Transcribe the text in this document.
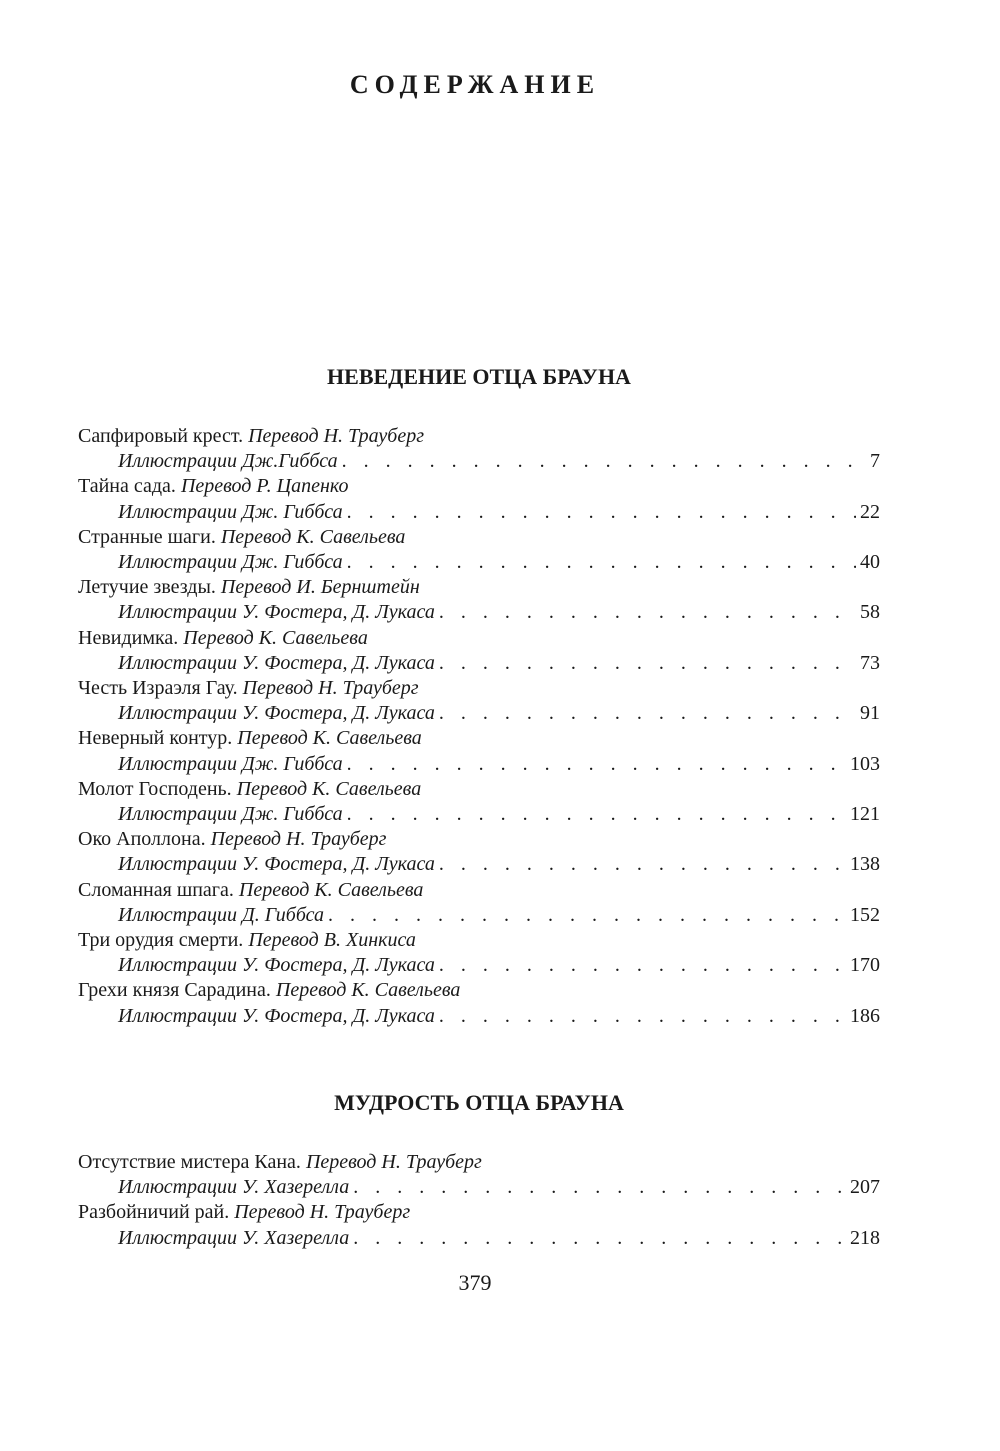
СОДЕРЖАНИЕ
НЕВЕДЕНИЕ ОТЦА БРАУНА
Сапфировый крест. Перевод Н. Трауберг
Иллюстрации Дж.Гиббса . . .	7
Тайна сада. Перевод Р. Цапенко
Иллюстрации Дж. Гиббса . . .	22
Странные шаги. Перевод К. Савельева
Иллюстрации Дж. Гиббса . . .	40
Летучие звезды. Перевод И. Бернштейн
Иллюстрации У. Фостера, Д. Лукаса . . .	58
Невидимка. Перевод К. Савельева
Иллюстрации У. Фостера, Д. Лукаса . . .	73
Честь Израэля Гау. Перевод Н. Трауберг
Иллюстрации У. Фостера, Д. Лукаса . . .	91
Неверный контур. Перевод К. Савельева
Иллюстрации Дж. Гиббса . . .	103
Молот Господень. Перевод К. Савельева
Иллюстрации Дж. Гиббса . . .	121
Око Аполлона. Перевод Н. Трауберг
Иллюстрации У. Фостера, Д. Лукаса . . .	138
Сломанная шпага. Перевод К. Савельева
Иллюстрации Д. Гиббса . . .	152
Три орудия смерти. Перевод В. Хинкиса
Иллюстрации У. Фостера, Д. Лукаса . . .	170
Грехи князя Сарадина. Перевод К. Савельева
Иллюстрации У. Фостера, Д. Лукаса . . .	186
МУДРОСТЬ ОТЦА БРАУНА
Отсутствие мистера Кана. Перевод Н. Трауберг
Иллюстрации У. Хазерелла . . .	207
Разбойничий рай. Перевод Н. Трауберг
Иллюстрации У. Хазерелла . . .	218
379
